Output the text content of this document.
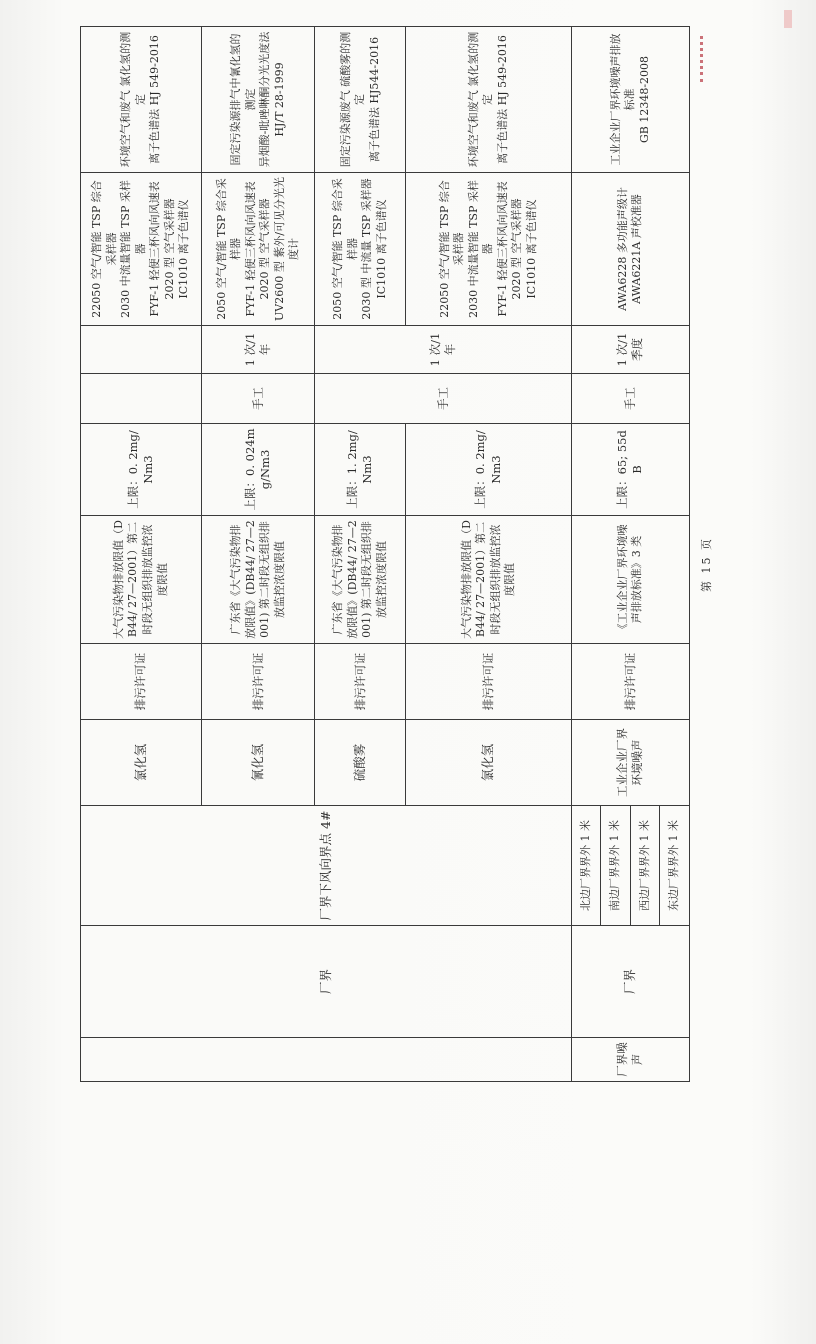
	厂界	厂界下风向界点 4#	氯化氢	排污许可证	大气污染物排放限值（DB44/ 27—2001）第二时段无组织排放监控浓度限值	上限：0. 2mg/Nm3			22050 空气/智能 TSP 综合采样器
2030 中流量智能 TSP 采样器
FYF-1 轻便三杯风向风速表
2020 型 空气采样器
IC1010 离子色谱仪	环境空气和废气 氯化氢的测定
离子色谱法 HJ 549-2016
			氰化氢	排污许可证	广东省《大气污染物排放限值》(DB44/ 27—2001) 第二时段无组织排放监控浓度限值	上限：0. 024mg/Nm3	手工	1 次/1 年	2050 空气/智能 TSP 综合采样器
FYF-1 轻便三杯风向风速表
2020 型 空气采样器
UV2600 型 紫外/可见分光光度计	固定污染源排气中氰化氢的测定
异烟酸-吡唑啉酮分光光度法 HJ/T 28-1999
			硫酸雾	排污许可证	广东省《大气污染物排放限值》(DB44/ 27—2001) 第二时段无组织排放监控浓度限值	上限：1. 2mg/Nm3	手工	1 次/1 年	2050 空气/智能 TSP 综合采样器
2030 型 中流量 TSP 采样器
IC1010 离子色谱仪	固定污染源废气 硫酸雾的测定
离子色谱法 HJ544-2016
			氯化氢	排污许可证	大气污染物排放限值（DB44/ 27—2001）第二时段无组织排放监控浓度限值	上限：0. 2mg/Nm3			22050 空气/智能 TSP 综合采样器
2030 中流量智能 TSP 采样器
FYF-1 轻便三杯风向风速表
2020 型 空气采样器
IC1010 离子色谱仪	环境空气和废气 氯化氢的测定
离子色谱法 HJ 549-2016
厂界噪声	厂界	北边厂界界外 1 米	工业企业厂界环境噪声	排污许可证	《工业企业厂界环境噪声排放标准》3 类	上限：65; 55dB	手工	1 次/1 季度	AWA6228 多功能声级计
AWA6221A 声校准器	工业企业厂界环境噪声排放标准
GB 12348-2008
		南边厂界界外 1 米								
		西边厂界界外 1 米								
		东边厂界界外 1 米								
第 15 页
